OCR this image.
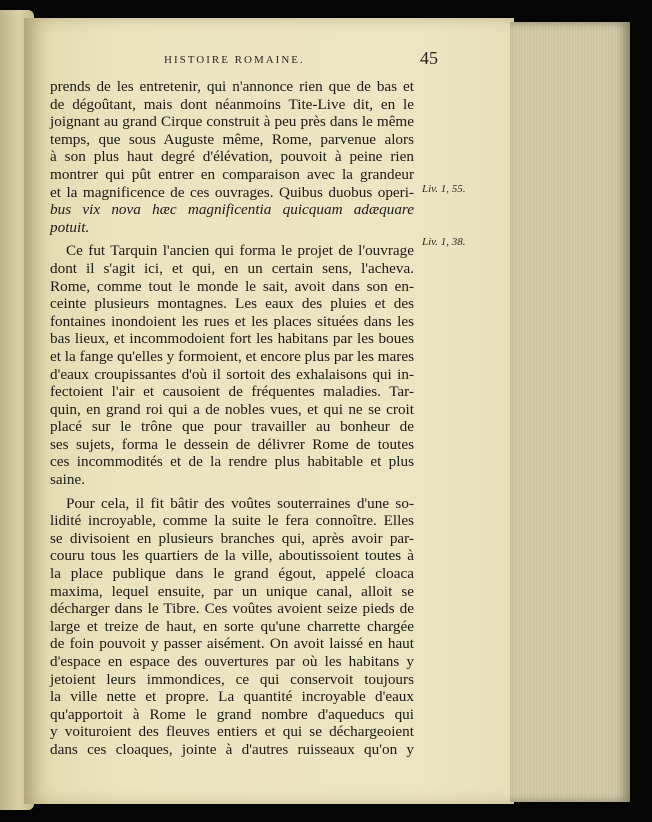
HISTOIRE ROMAINE.	45
Liv. 1, 55.
Liv. 1, 38.
prends de les entretenir, qui n'annonce rien que de bas et
de dégoûtant, mais dont néanmoins Tite-Live dit, en le
joignant au grand Cirque construit à peu près dans le même
temps, que sous Auguste même, Rome, parvenue alors
à son plus haut degré d'élévation, pouvoit à peine rien
montrer qui pût entrer en comparaison avec la grandeur
et la magnificence de ces ouvrages. Quibus duobus operi-
bus vix nova hæc magnificentia quicquam adæquare
potuit.
Ce fut Tarquin l'ancien qui forma le projet de l'ouvrage
dont il s'agit ici, et qui, en un certain sens, l'acheva.
Rome, comme tout le monde le sait, avoit dans son en-
ceinte plusieurs montagnes. Les eaux des pluies et des
fontaines inondoient les rues et les places situées dans les
bas lieux, et incommodoient fort les habitans par les boues
et la fange qu'elles y formoient, et encore plus par les mares
d'eaux croupissantes d'où il sortoit des exhalaisons qui in-
fectoient l'air et causoient de fréquentes maladies. Tar-
quin, en grand roi qui a de nobles vues, et qui ne se croit
placé sur le trône que pour travailler au bonheur de
ses sujets, forma le dessein de délivrer Rome de toutes
ces incommodités et de la rendre plus habitable et plus
saine.
Pour cela, il fit bâtir des voûtes souterraines d'une so-
lidité incroyable, comme la suite le fera connoître. Elles
se divisoient en plusieurs branches qui, après avoir par-
couru tous les quartiers de la ville, aboutissoient toutes à
la place publique dans le grand égout, appelé cloaca
maxima, lequel ensuite, par un unique canal, alloit se
décharger dans le Tibre. Ces voûtes avoient seize pieds de
large et treize de haut, en sorte qu'une charrette chargée
de foin pouvoit y passer aisément. On avoit laissé en haut
d'espace en espace des ouvertures par où les habitans y
jetoient leurs immondices, ce qui conservoit toujours
la ville nette et propre. La quantité incroyable d'eaux
qu'apportoit à Rome le grand nombre d'aqueducs qui
y voituroient des fleuves entiers et qui se déchargeoient
dans ces cloaques, jointe à d'autres ruisseaux qu'on y
